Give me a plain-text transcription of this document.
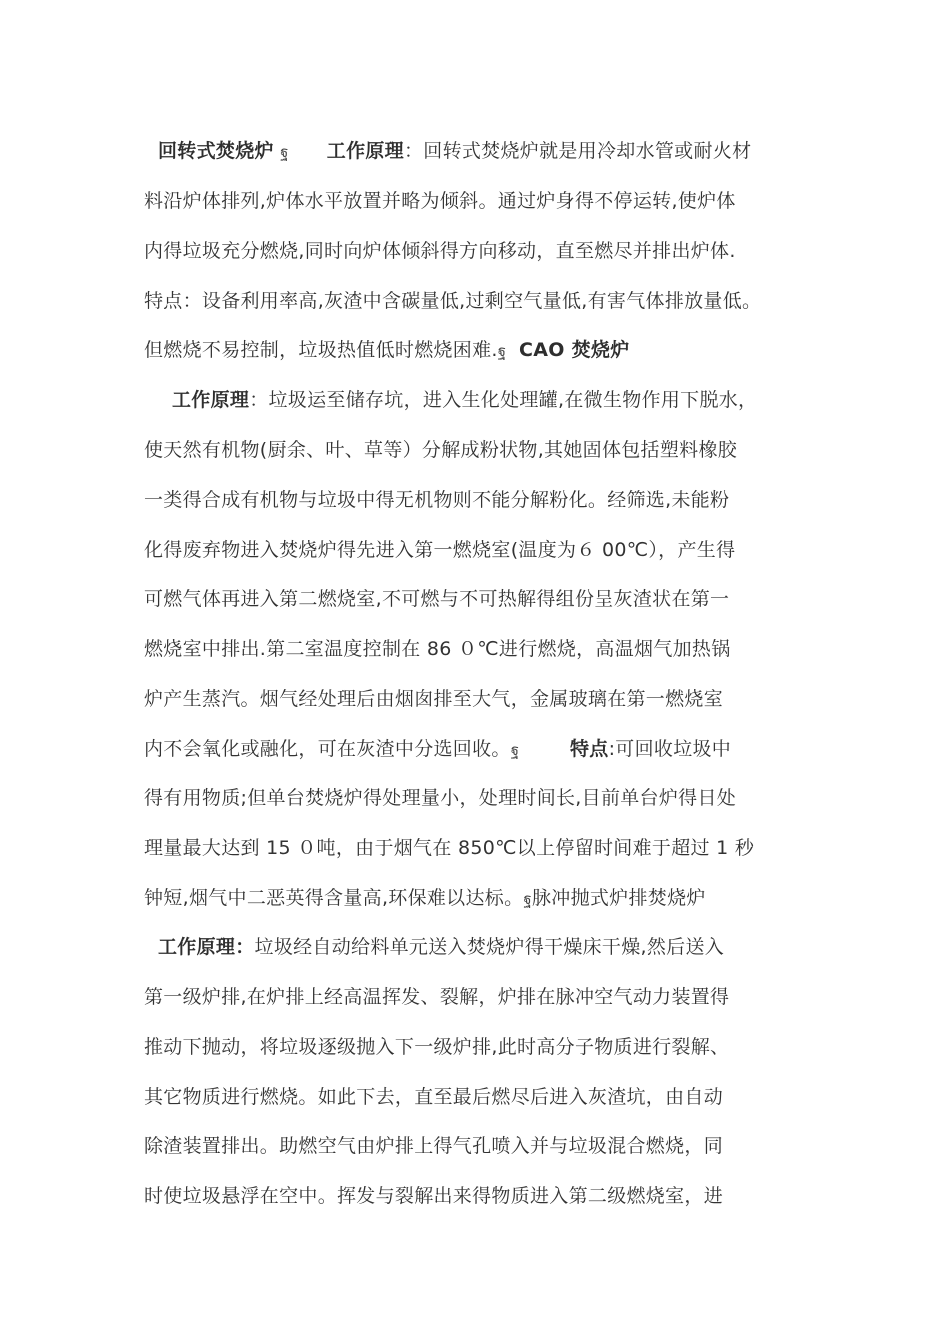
回转式焚烧炉 ฐ 工作原理：回转式焚烧炉就是用冷却水管或耐火材
料沿炉体排列,炉体水平放置并略为倾斜。通过炉身得不停运转,使炉体
内得垃圾充分燃烧,同时向炉体倾斜得方向移动，直至燃尽并排出炉体.
特点：设备利用率高,灰渣中含碳量低,过剩空气量低,有害气体排放量低。
但燃烧不易控制，垃圾热值低时燃烧困难.ฐ CAO 焚烧炉
工作原理：垃圾运至储存坑，进入生化处理罐,在微生物作用下脱水，
使天然有机物(厨余、叶、草等）分解成粉状物,其她固体包括塑料橡胶
一类得合成有机物与垃圾中得无机物则不能分解粉化。经筛选,未能粉
化得废弃物进入焚烧炉得先进入第一燃烧室(温度为６ 00℃），产生得
可燃气体再进入第二燃烧室,不可燃与不可热解得组份呈灰渣状在第一
燃烧室中排出.第二室温度控制在 86 ０℃进行燃烧，高温烟气加热锅
炉产生蒸汽。烟气经处理后由烟囱排至大气，金属玻璃在第一燃烧室
内不会氧化或融化，可在灰渣中分选回收。ฐ	特点:可回收垃圾中
得有用物质;但单台焚烧炉得处理量小，处理时间长,目前单台炉得日处
理量最大达到 15 ０吨，由于烟气在 850℃以上停留时间难于超过 1 秒
钟短,烟气中二恶英得含量高,环保难以达标。ฐ脉冲抛式炉排焚烧炉
工作原理：垃圾经自动给料单元送入焚烧炉得干燥床干燥,然后送入
第一级炉排,在炉排上经高温挥发、裂解，炉排在脉冲空气动力装置得
推动下抛动，将垃圾逐级抛入下一级炉排,此时高分子物质进行裂解、
其它物质进行燃烧。如此下去，直至最后燃尽后进入灰渣坑，由自动
除渣装置排出。助燃空气由炉排上得气孔喷入并与垃圾混合燃烧，同
时使垃圾悬浮在空中。挥发与裂解出来得物质进入第二级燃烧室，进
